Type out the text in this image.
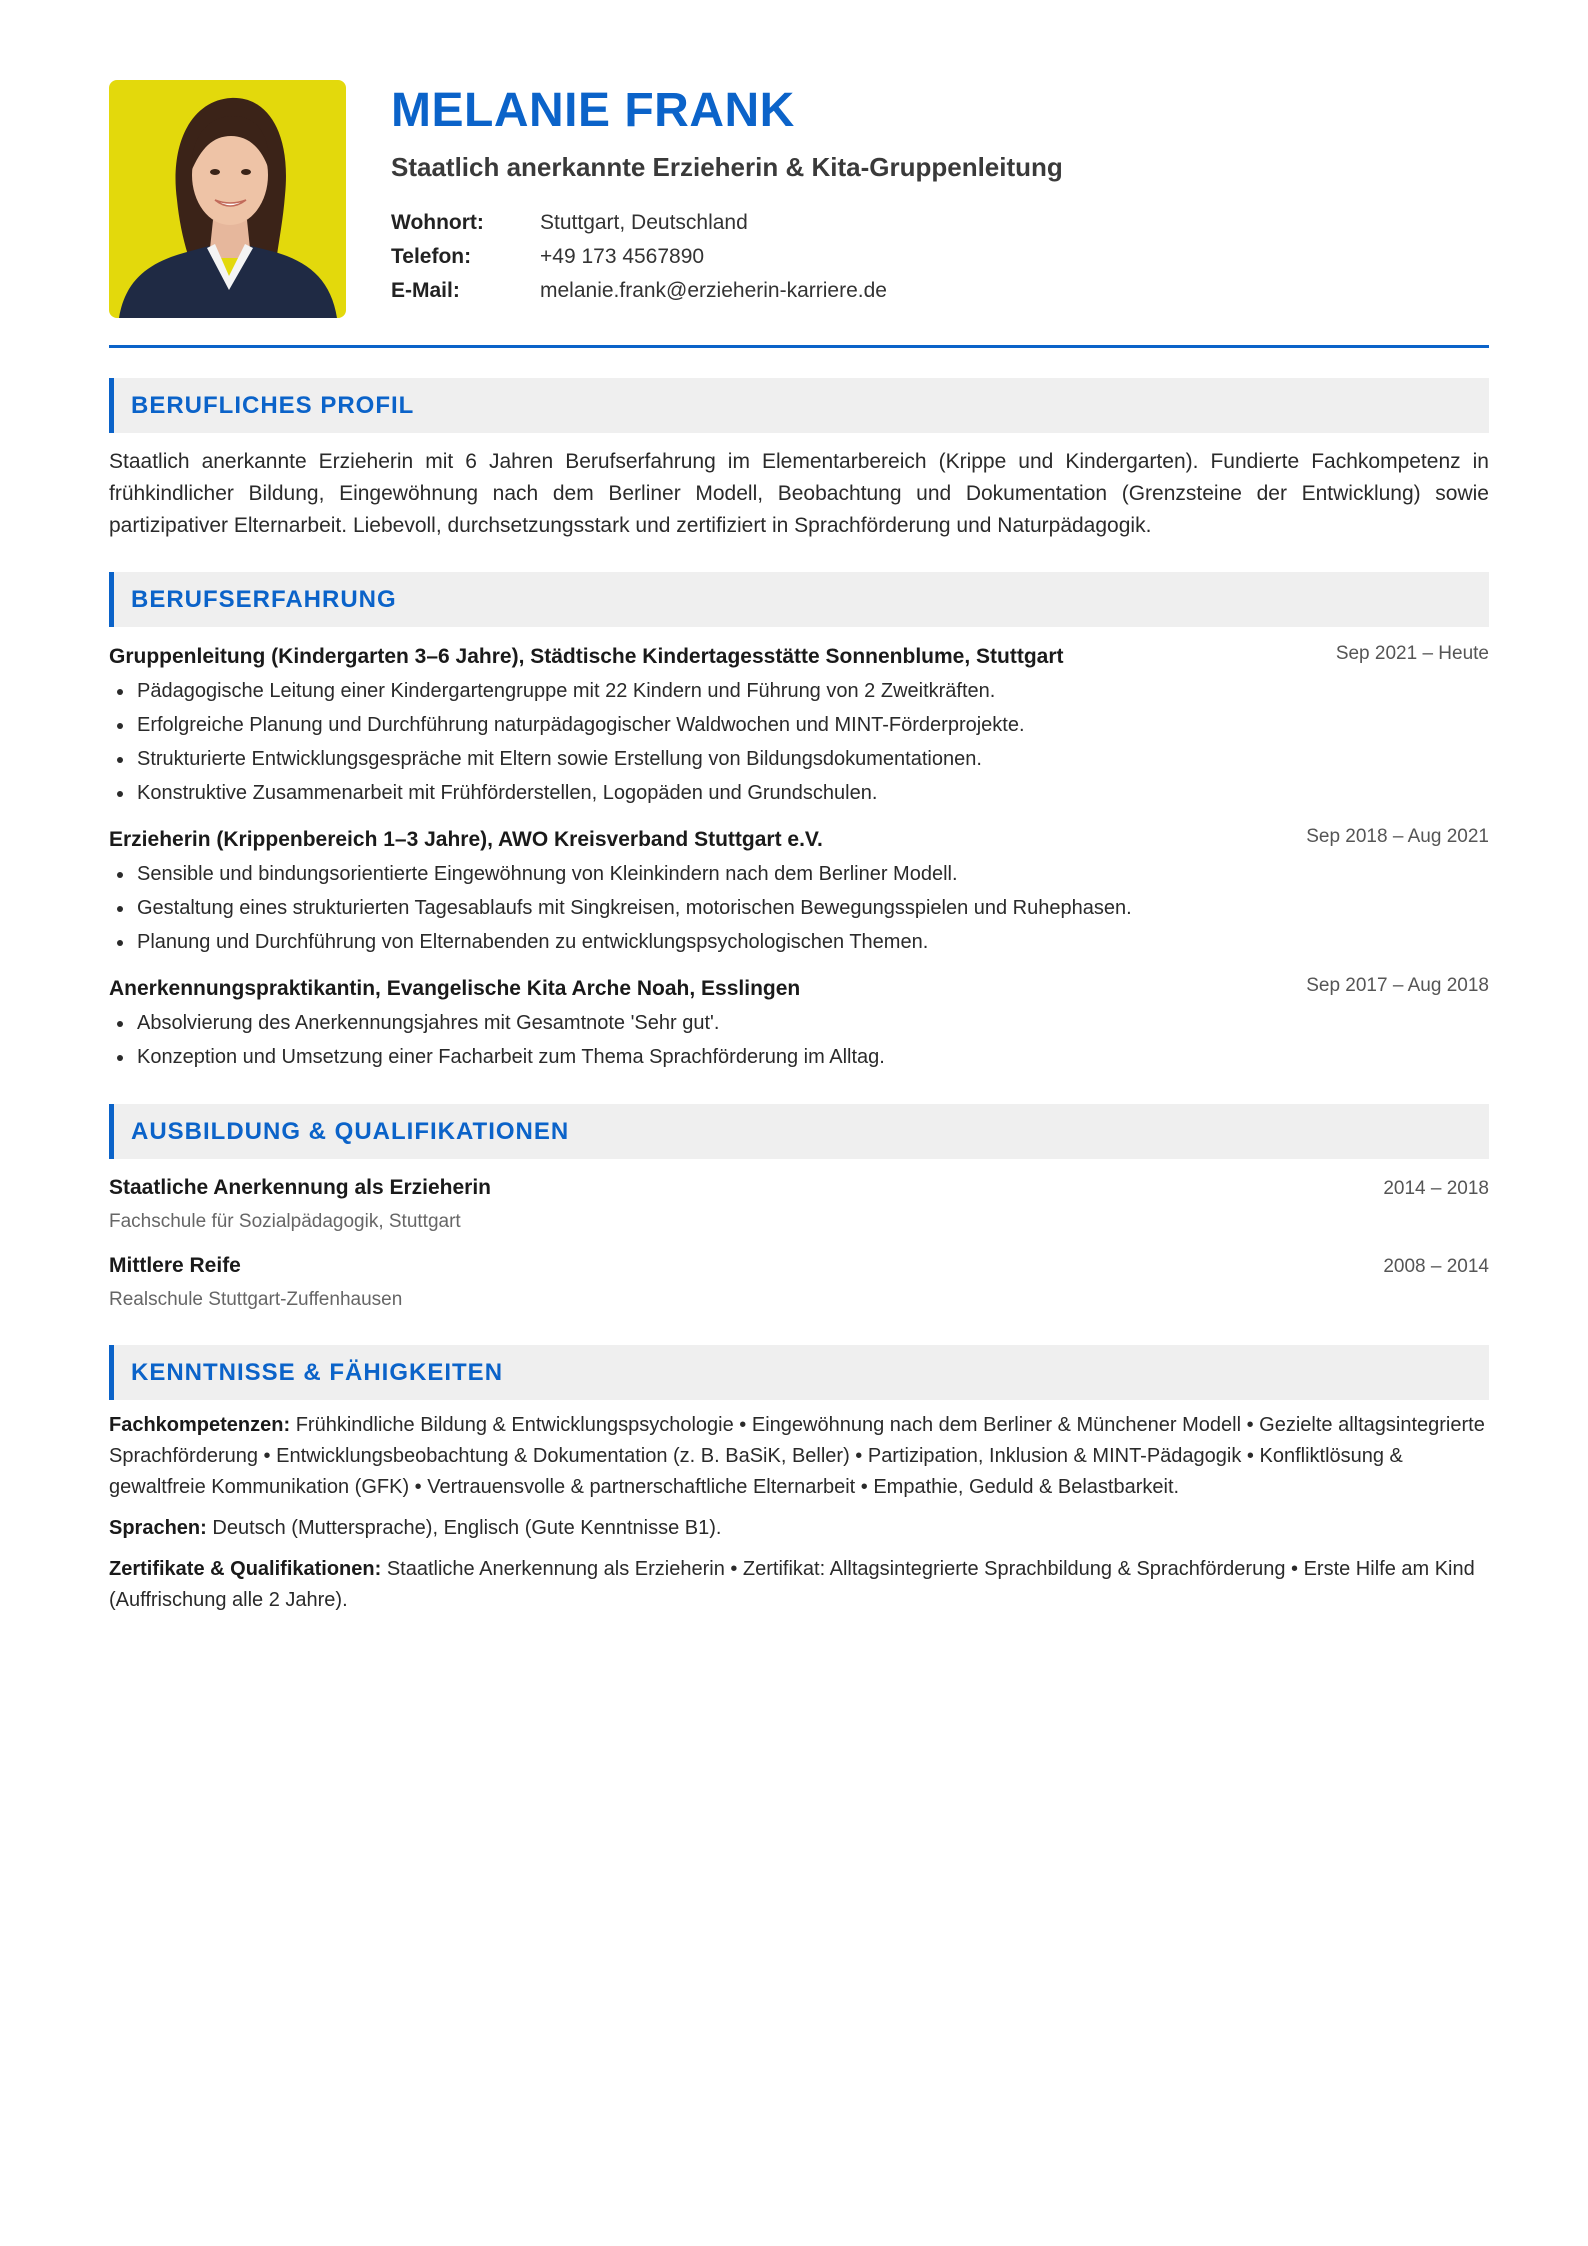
MELANIE FRANK
Staatlich anerkannte Erzieherin & Kita-Gruppenleitung
Wohnort:	Stuttgart, Deutschland
Telefon:	+49 173 4567890
E-Mail:	melanie.frank@erzieherin-karriere.de
BERUFLICHES PROFIL
Staatlich anerkannte Erzieherin mit 6 Jahren Berufserfahrung im Elementarbereich (Krippe und Kindergarten). Fundierte Fachkompetenz in frühkindlicher Bildung, Eingewöhnung nach dem Berliner Modell, Beobachtung und Dokumentation (Grenzsteine der Entwicklung) sowie partizipativer Elternarbeit. Liebevoll, durchsetzungsstark und zertifiziert in Sprachförderung und Naturpädagogik.
BERUFSERFAHRUNG
Gruppenleitung (Kindergarten 3–6 Jahre), Städtische Kindertagesstätte Sonnenblume, Stuttgart	Sep 2021 – Heute
Pädagogische Leitung einer Kindergartengruppe mit 22 Kindern und Führung von 2 Zweitkräften.
Erfolgreiche Planung und Durchführung naturpädagogischer Waldwochen und MINT-Förderprojekte.
Strukturierte Entwicklungsgespräche mit Eltern sowie Erstellung von Bildungsdokumentationen.
Konstruktive Zusammenarbeit mit Frühförderstellen, Logopäden und Grundschulen.
Erzieherin (Krippenbereich 1–3 Jahre), AWO Kreisverband Stuttgart e.V.	Sep 2018 – Aug 2021
Sensible und bindungsorientierte Eingewöhnung von Kleinkindern nach dem Berliner Modell.
Gestaltung eines strukturierten Tagesablaufs mit Singkreisen, motorischen Bewegungsspielen und Ruhephasen.
Planung und Durchführung von Elternabenden zu entwicklungspsychologischen Themen.
Anerkennungspraktikantin, Evangelische Kita Arche Noah, Esslingen	Sep 2017 – Aug 2018
Absolvierung des Anerkennungsjahres mit Gesamtnote 'Sehr gut'.
Konzeption und Umsetzung einer Facharbeit zum Thema Sprachförderung im Alltag.
AUSBILDUNG & QUALIFIKATIONEN
Staatliche Anerkennung als Erzieherin	2014 – 2018
Fachschule für Sozialpädagogik, Stuttgart
Mittlere Reife	2008 – 2014
Realschule Stuttgart-Zuffenhausen
KENNTNISSE & FÄHIGKEITEN
Fachkompetenzen: Frühkindliche Bildung & Entwicklungspsychologie • Eingewöhnung nach dem Berliner & Münchener Modell • Gezielte alltagsintegrierte Sprachförderung • Entwicklungsbeobachtung & Dokumentation (z. B. BaSiK, Beller) • Partizipation, Inklusion & MINT-Pädagogik • Konfliktlösung & gewaltfreie Kommunikation (GFK) • Vertrauensvolle & partnerschaftliche Elternarbeit • Empathie, Geduld & Belastbarkeit.
Sprachen: Deutsch (Muttersprache), Englisch (Gute Kenntnisse B1).
Zertifikate & Qualifikationen: Staatliche Anerkennung als Erzieherin • Zertifikat: Alltagsintegrierte Sprachbildung & Sprachförderung • Erste Hilfe am Kind (Auffrischung alle 2 Jahre).
